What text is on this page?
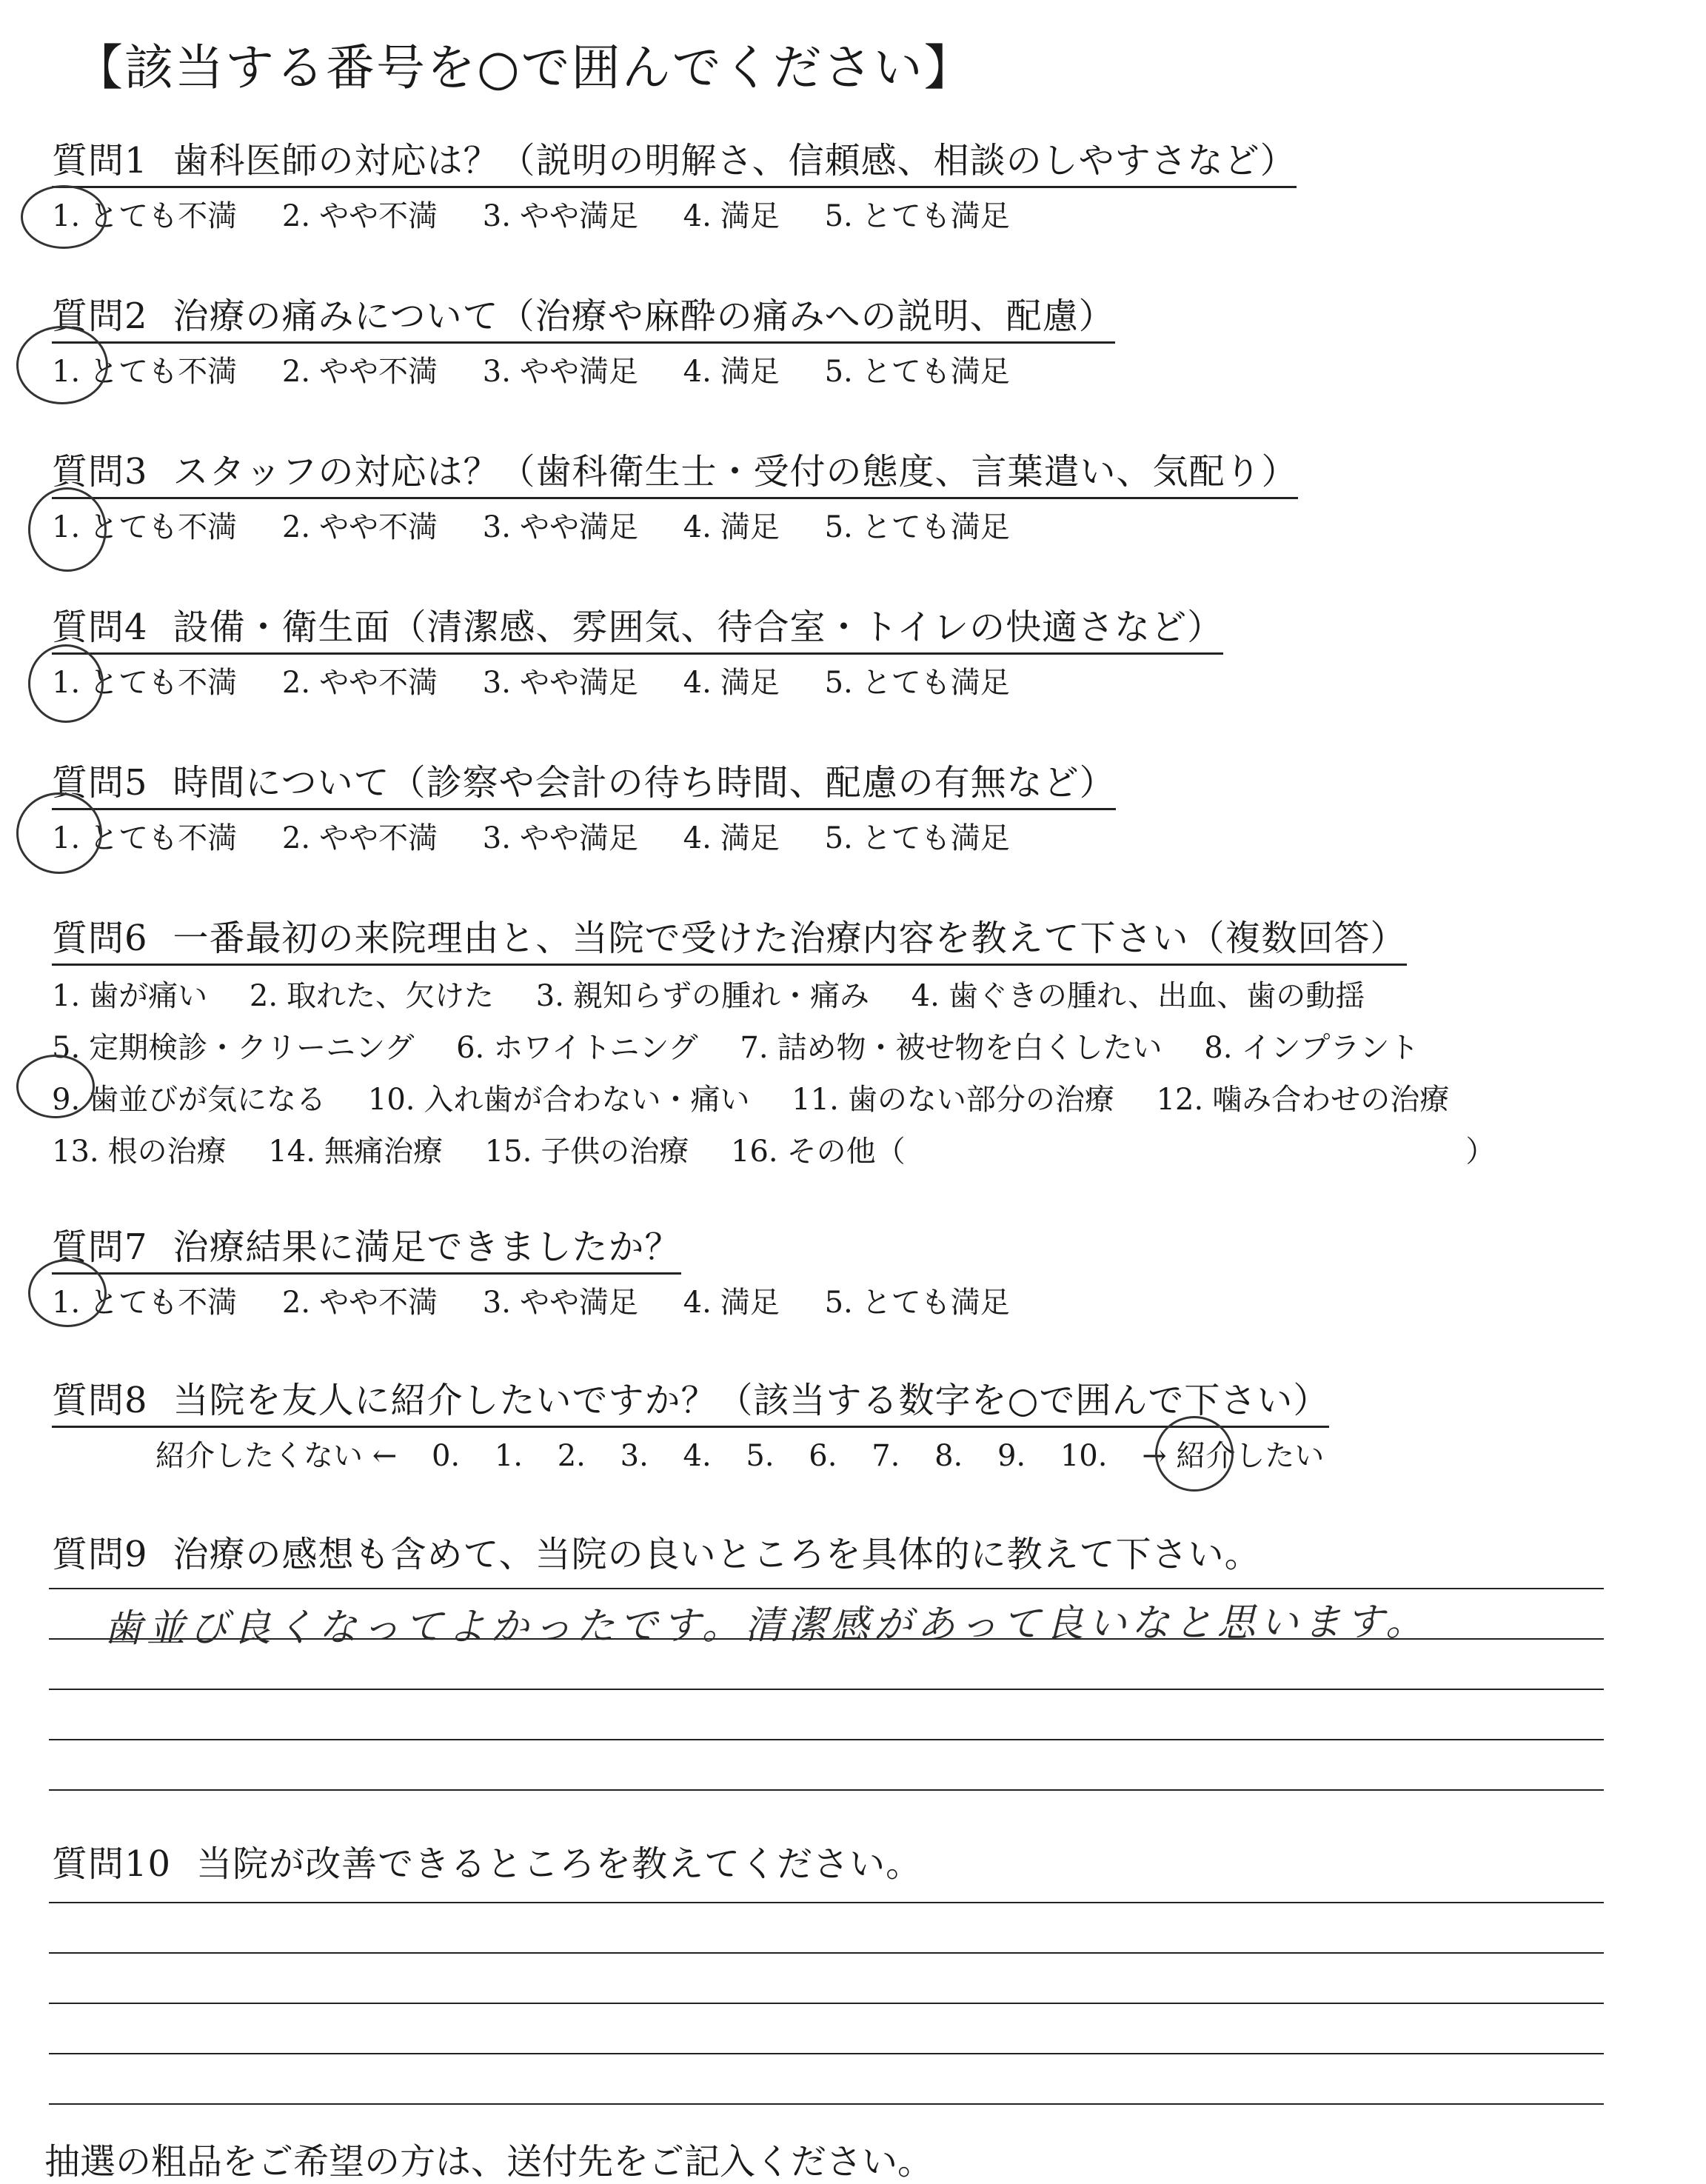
【該当する番号を○で囲んでください】
質問1 歯科医師の対応は？（説明の明解さ、信頼感、相談のしやすさなど）
1. とても不満 2. やや不満 3. やや満足 4. 満足 5. とても満足
質問2 治療の痛みについて（治療や麻酔の痛みへの説明、配慮）
1. とても不満 2. やや不満 3. やや満足 4. 満足 5. とても満足
質問3 スタッフの対応は？（歯科衛生士・受付の態度、言葉遣い、気配り）
1. とても不満 2. やや不満 3. やや満足 4. 満足 5. とても満足
質問4 設備・衛生面（清潔感、雰囲気、待合室・トイレの快適さなど）
1. とても不満 2. やや不満 3. やや満足 4. 満足 5. とても満足
質問5 時間について（診察や会計の待ち時間、配慮の有無など）
1. とても不満 2. やや不満 3. やや満足 4. 満足 5. とても満足
質問6 一番最初の来院理由と、当院で受けた治療内容を教えて下さい（複数回答）
1. 歯が痛い 2. 取れた、欠けた 3. 親知らずの腫れ・痛み 4. 歯ぐきの腫れ、出血、歯の動揺
5. 定期検診・クリーニング 6. ホワイトニング 7. 詰め物・被せ物を白くしたい 8. インプラント
9. 歯並びが気になる 10. 入れ歯が合わない・痛い 11. 歯のない部分の治療 12. 噛み合わせの治療
13. 根の治療 14. 無痛治療 15. 子供の治療 16. その他（	）
質問7 治療結果に満足できましたか？
1. とても不満 2. やや不満 3. やや満足 4. 満足 5. とても満足
質問8 当院を友人に紹介したいですか？（該当する数字を○で囲んで下さい）
紹介したくない ← 0. 1. 2. 3. 4. 5. 6. 7. 8. 9. 10. → 紹介したい
質問9 治療の感想も含めて、当院の良いところを具体的に教えて下さい。
歯並び良くなってよかったです。清潔感があって良いなと思います。
質問10 当院が改善できるところを教えてください。
抽選の粗品をご希望の方は、送付先をご記入ください。
